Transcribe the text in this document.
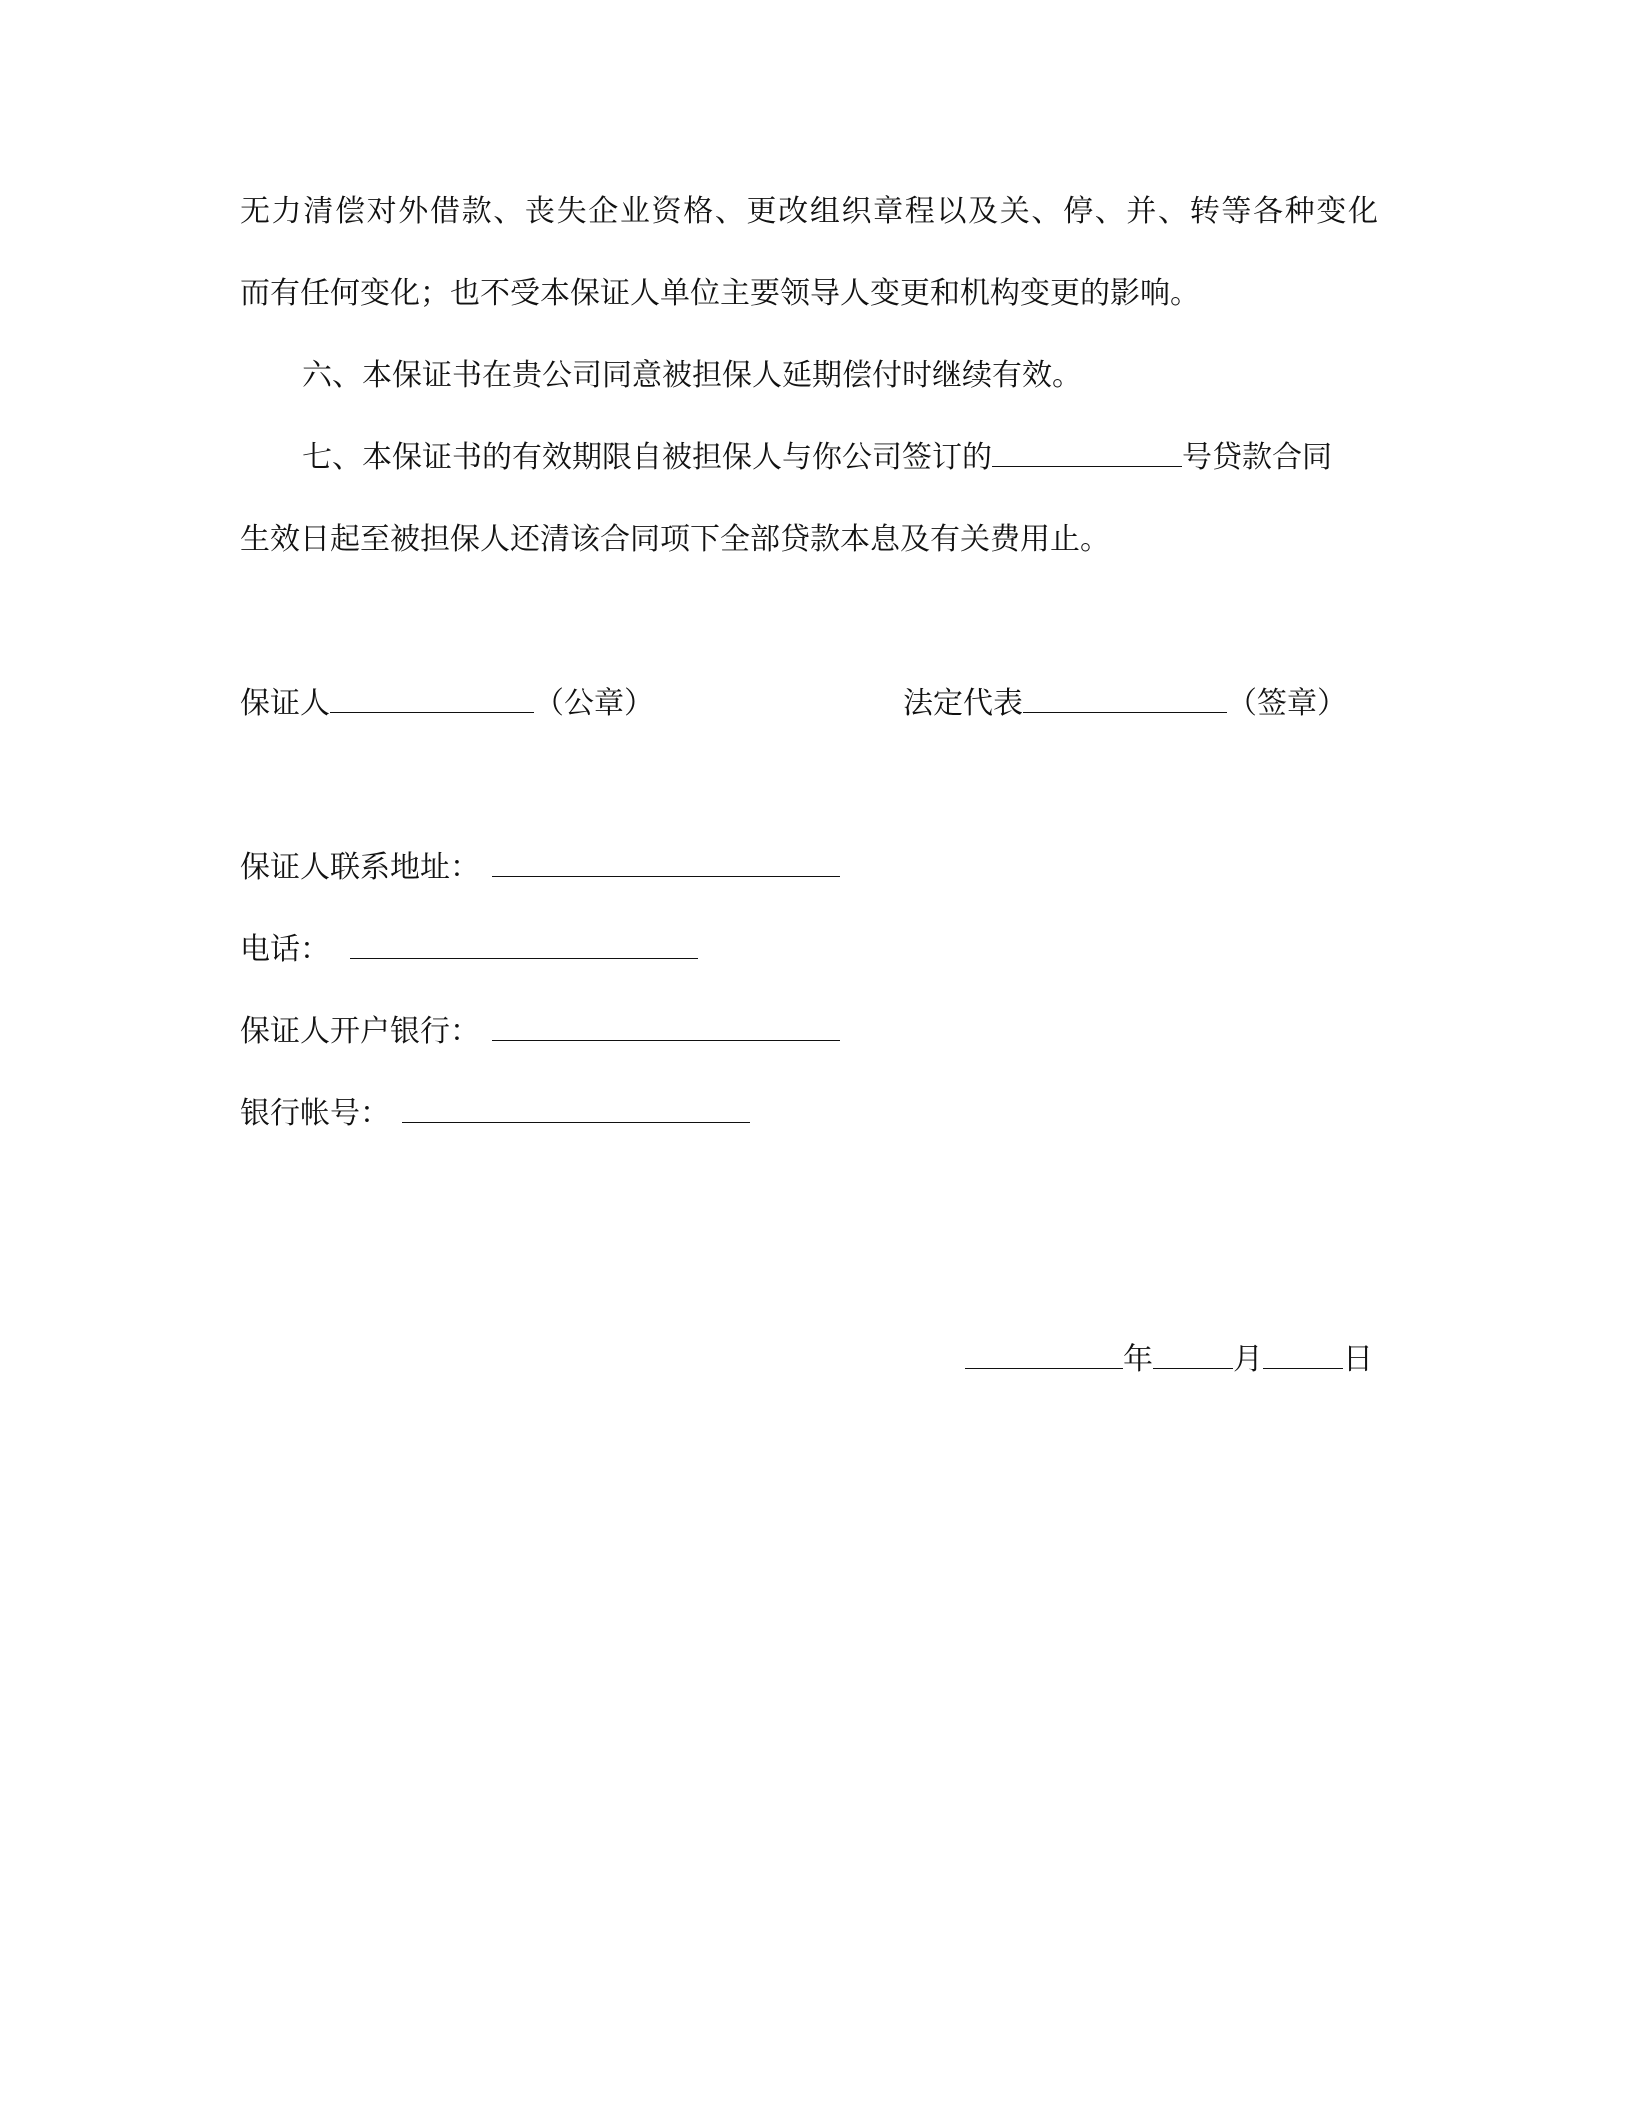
无力清偿对外借款、丧失企业资格、更改组织章程以及关、停、并、转等各种变化
而有任何变化；也不受本保证人单位主要领导人变更和机构变更的影响。
六、本保证书在贵公司同意被担保人延期偿付时继续有效。
七、本保证书的有效期限自被担保人与你公司签订的	号贷款合同
生效日起至被担保人还清该合同项下全部贷款本息及有关费用止。
保证人	（公章）	法定代表	（签章）
保证人联系地址：
电话：
保证人开户银行：
银行帐号：
年	月	日
